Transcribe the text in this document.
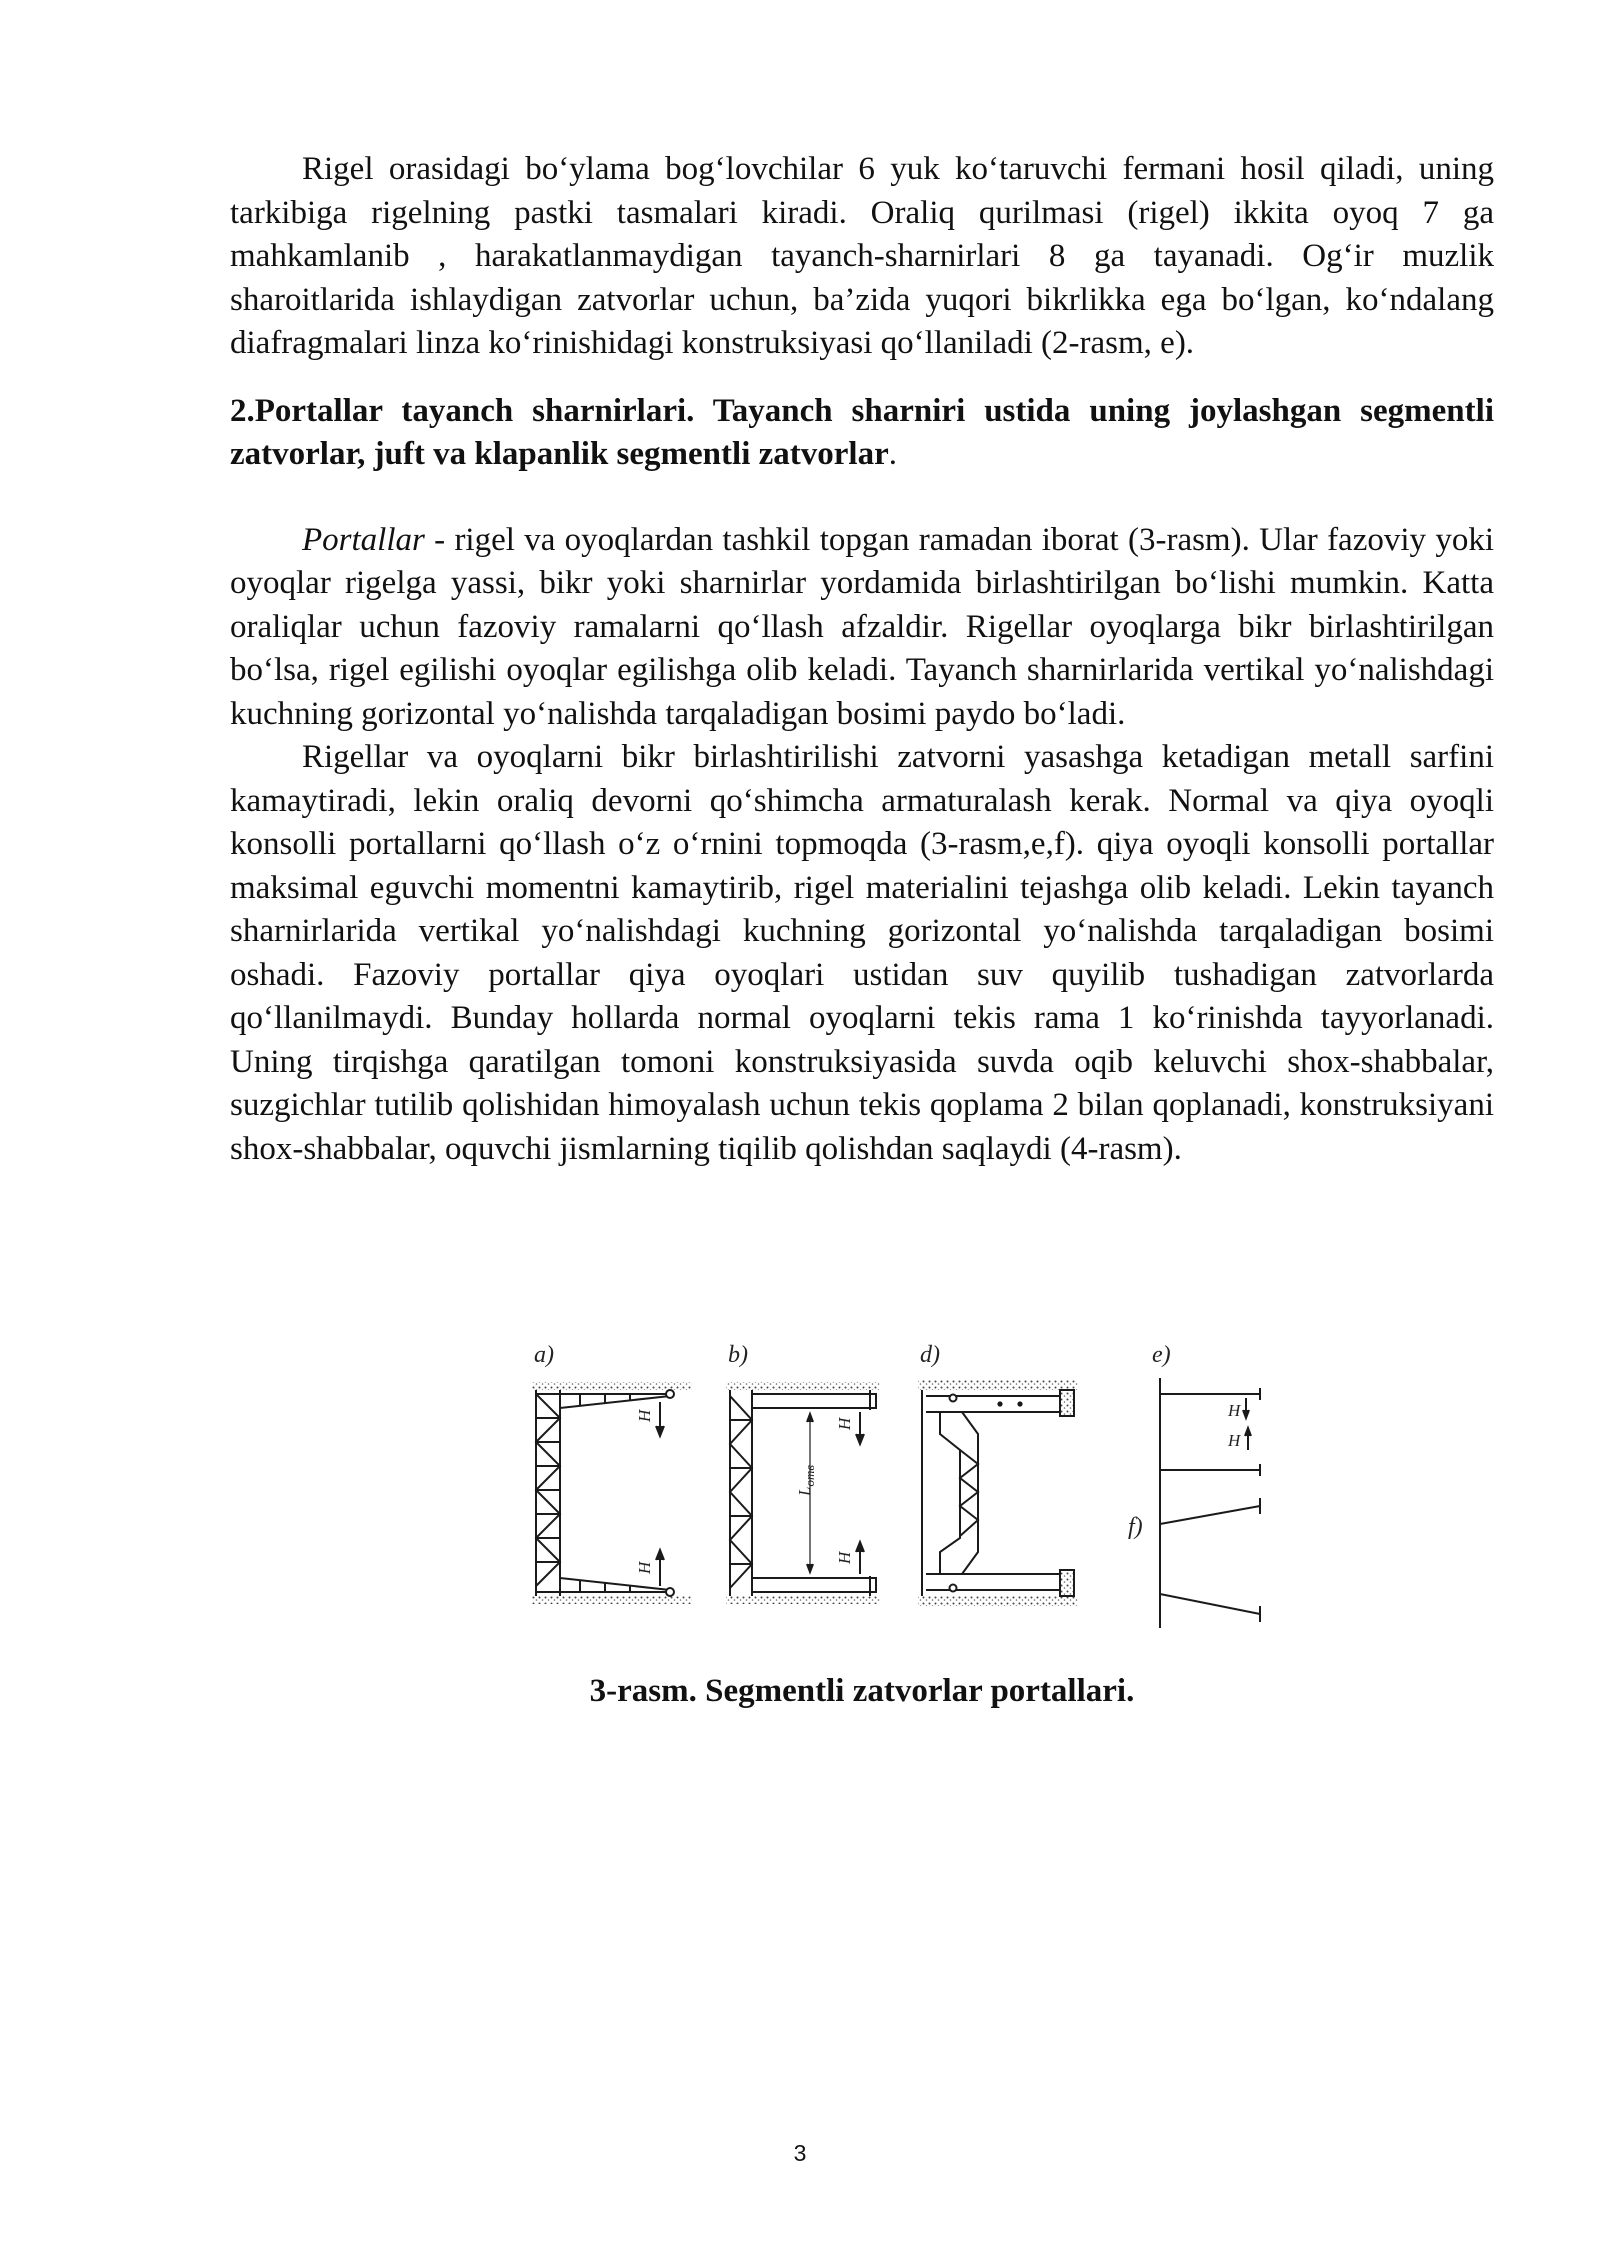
Rigel orasidagi bo‘ylama bog‘lovchilar 6 yuk ko‘taruvchi fermani hosil qiladi, uning tarkibiga rigelning pastki tasmalari kiradi. Oraliq qurilmasi (rigel) ikkita oyoq 7 ga mahkamlanib , harakatlanmaydigan tayanch-sharnirlari 8 ga tayanadi. Og‘ir muzlik sharoitlarida ishlaydigan zatvorlar uchun, ba’zida yuqori bikrlikka ega bo‘lgan, ko‘ndalang diafragmalari linza ko‘rinishidagi konstruksiyasi qo‘llaniladi (2-rasm, e).

2.Portallar tayanch sharnirlari. Tayanch sharniri ustida uning joylashgan segmentli zatvorlar, juft va klapanlik segmentli zatvorlar.

Portallar - rigel va oyoqlardan tashkil topgan ramadan iborat (3-rasm). Ular fazoviy yoki oyoqlar rigelga yassi, bikr yoki sharnirlar yordamida birlashtirilgan bo‘lishi mumkin. Katta oraliqlar uchun fazoviy ramalarni qo‘llash afzaldir. Rigellar oyoqlarga bikr birlashtirilgan bo‘lsa, rigel egilishi oyoqlar egilishga olib keladi. Tayanch sharnirlarida vertikal yo‘nalishdagi kuchning gorizontal yo‘nalishda tarqaladigan bosimi paydo bo‘ladi.

Rigellar va oyoqlarni bikr birlashtirilishi zatvorni yasashga ketadigan metall sarfini kamaytiradi, lekin oraliq devorni qo‘shimcha armaturalash kerak. Normal va qiya oyoqli konsolli portallarni qo‘llash o‘z o‘rnini topmoqda (3-rasm,e,f). qiya oyoqli konsolli portallar maksimal eguvchi momentni kamaytirib, rigel materialini tejashga olib keladi. Lekin tayanch sharnirlarida vertikal yo‘nalishdagi kuchning gorizontal yo‘nalishda tarqaladigan bosimi oshadi. Fazoviy portallar qiya oyoqlari ustidan suv quyilib tushadigan zatvorlarda qo‘llanilmaydi. Bunday hollarda normal oyoqlarni tekis rama 1 ko‘rinishda tayyorlanadi. Uning tirqishga qaratilgan tomoni konstruksiyasida suvda oqib keluvchi shox-shabbalar, suzgichlar tutilib qolishidan himoyalash uchun tekis qoplama 2 bilan qoplanadi, konstruksiyani shox-shabbalar, oquvchi jismlarning tiqilib qolishdan saqlaydi (4-rasm).

a)	b)	d)	e)
f)
H
H
$L_{отв}$
H
H
H
H
3-rasm. Segmentli zatvorlar portallari.
3
